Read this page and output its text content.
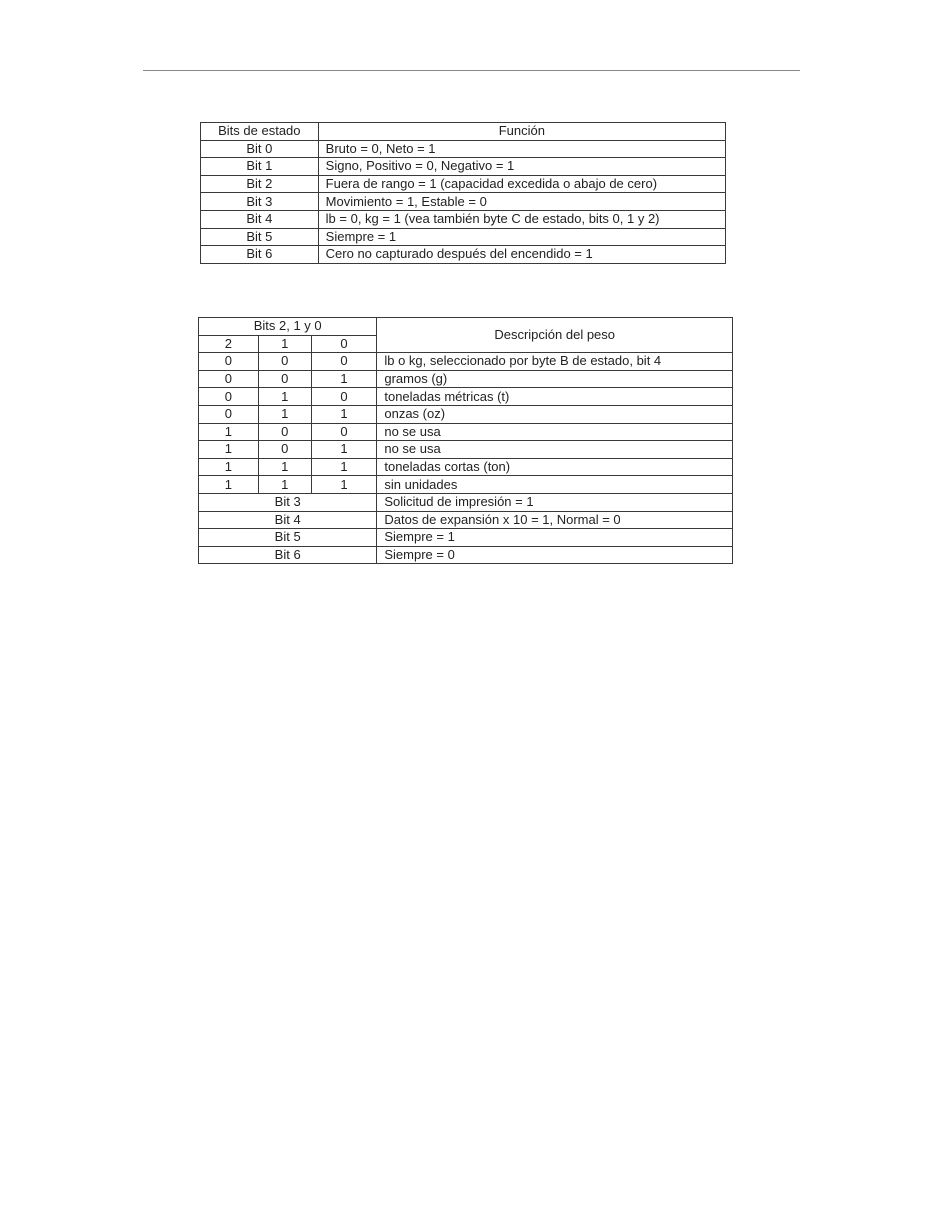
Bits de estado	Función
Bit 0	Bruto = 0, Neto = 1
Bit 1	Signo, Positivo = 0, Negativo = 1
Bit 2	Fuera de rango = 1 (capacidad excedida o abajo de cero)
Bit 3	Movimiento = 1, Estable = 0
Bit 4	lb = 0, kg = 1 (vea también byte C de estado, bits 0, 1 y 2)
Bit 5	Siempre = 1
Bit 6	Cero no capturado después del encendido = 1
Bits 2, 1 y 0			Descripción del peso
2	1	0	
0	0	0	lb o kg, seleccionado por byte B de estado, bit 4
0	0	1	gramos (g)
0	1	0	toneladas métricas (t)
0	1	1	onzas (oz)
1	0	0	no se usa
1	0	1	no se usa
1	1	1	toneladas cortas (ton)
1	1	1	sin unidades
Bit 3			Solicitud de impresión = 1
Bit 4			Datos de expansión x 10 = 1, Normal = 0
Bit 5			Siempre = 1
Bit 6			Siempre = 0
